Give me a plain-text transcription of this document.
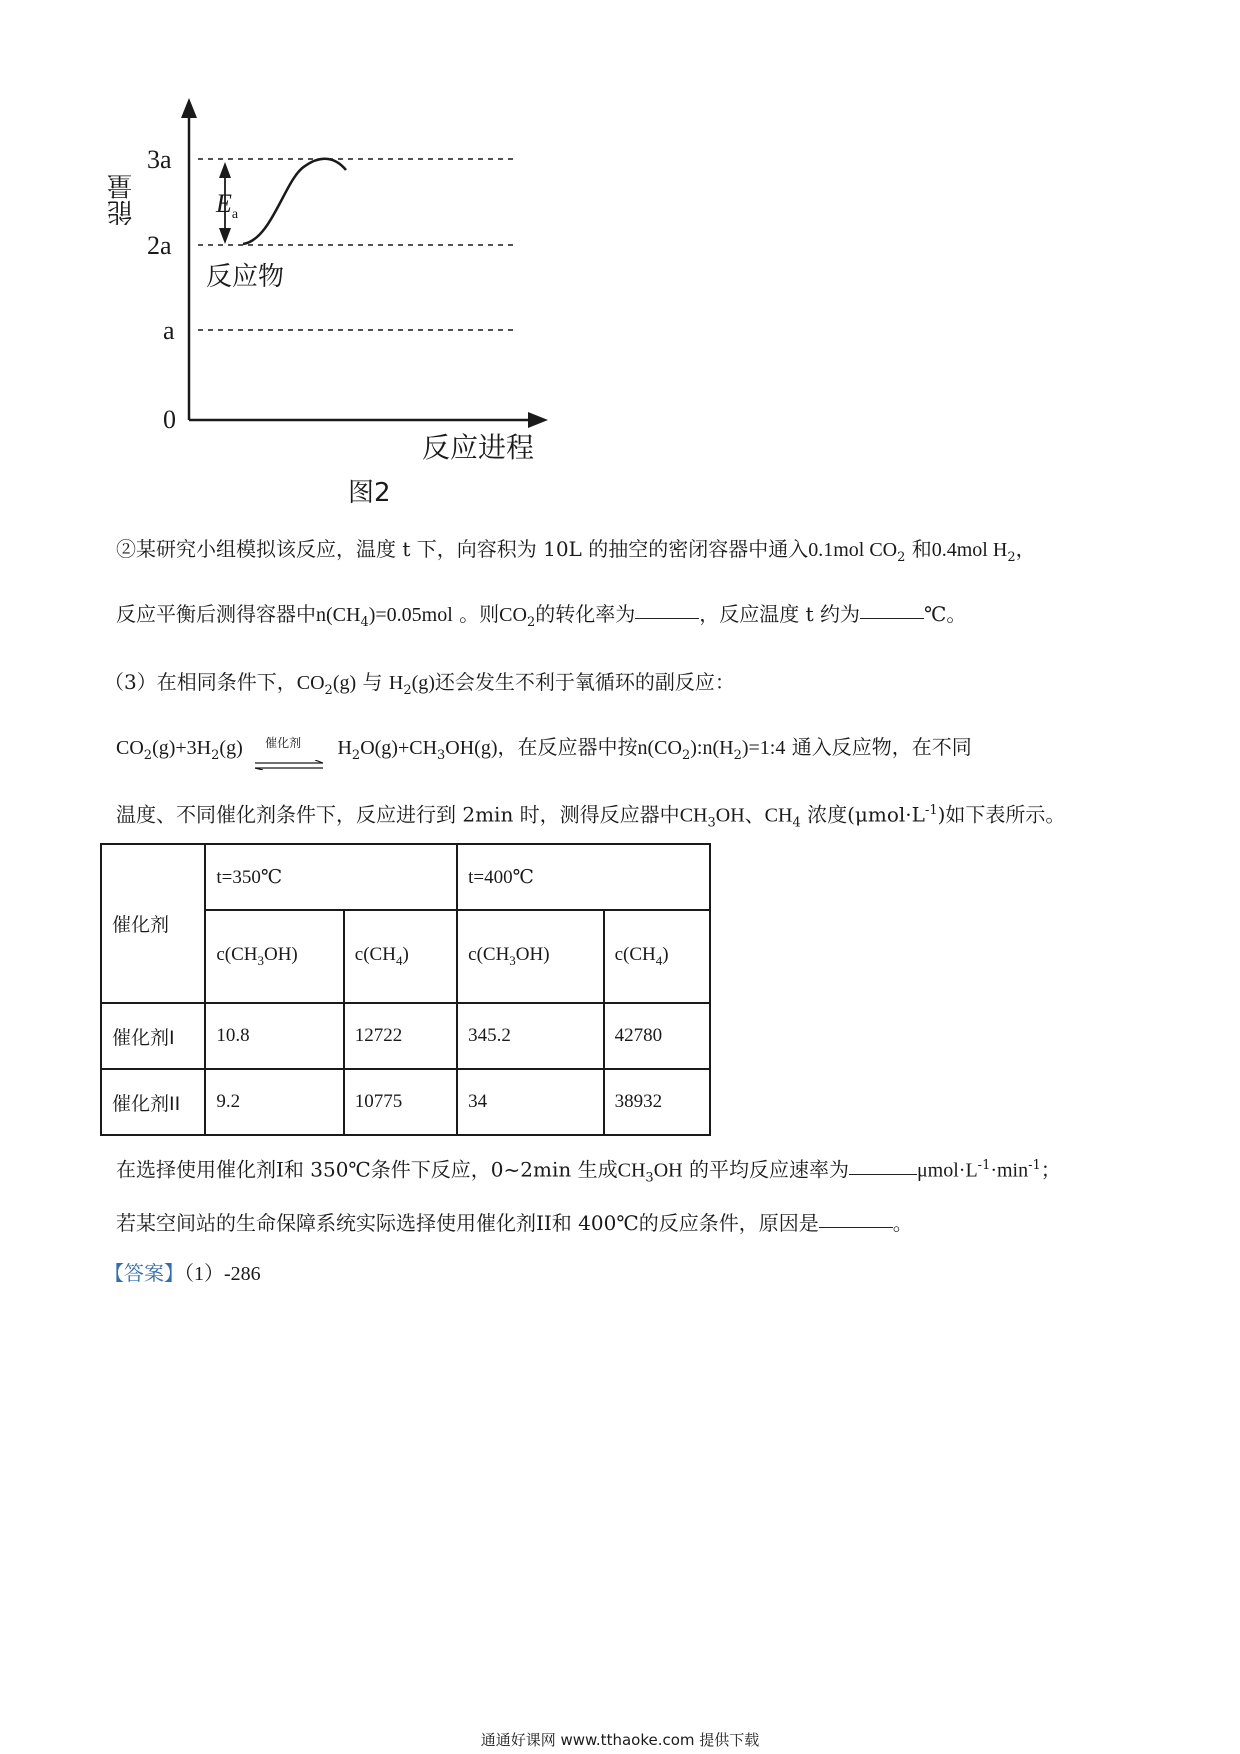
能量
3a
2a
a
0
$E_a$
反应物
反应进程
图2
②某研究小组模拟该反应，温度 t 下，向容积为 10L 的抽空的密闭容器中通入0.1mol $CO_2$ 和0.4mol $H_2$，
反应平衡后测得容器中$n(CH_4)=0.05mol$ 。则$CO_2$的转化率为	，反应温度 t 约为	℃。
（3）在相同条件下，$CO_2(g)$ 与 $H_2(g)$还会发生不利于氧循环的副反应：
$CO_2(g)+3H_2(g)$ 催化剂 $H_2O(g)+CH_3OH(g)$，在反应器中按$n(CO_2):n(H_2)=1:4$ 通入反应物，在不同
温度、不同催化剂条件下，反应进行到 2min 时，测得反应器中$CH_3OH$、$CH_4$ 浓度$(\mu mol\cdot L^{-1})$如下表所示。
催化剂	t=350℃		t=400℃	
	$c(CH_3OH)$	$c(CH_4)$	$c(CH_3OH)$	$c(CH_4)$
催化剂I	10.8	12722	345.2	42780
催化剂II	9.2	10775	34	38932
在选择使用催化剂I和 350℃条件下反应，0~2min 生成$CH_3OH$ 的平均反应速率为	$\mu mol\cdot L^{-1}\cdot\min^{-1}$；
若某空间站的生命保障系统实际选择使用催化剂II和 400℃的反应条件，原因是	。
【答案】（1）-286
通通好课网 www.tthaoke.com 提供下载
